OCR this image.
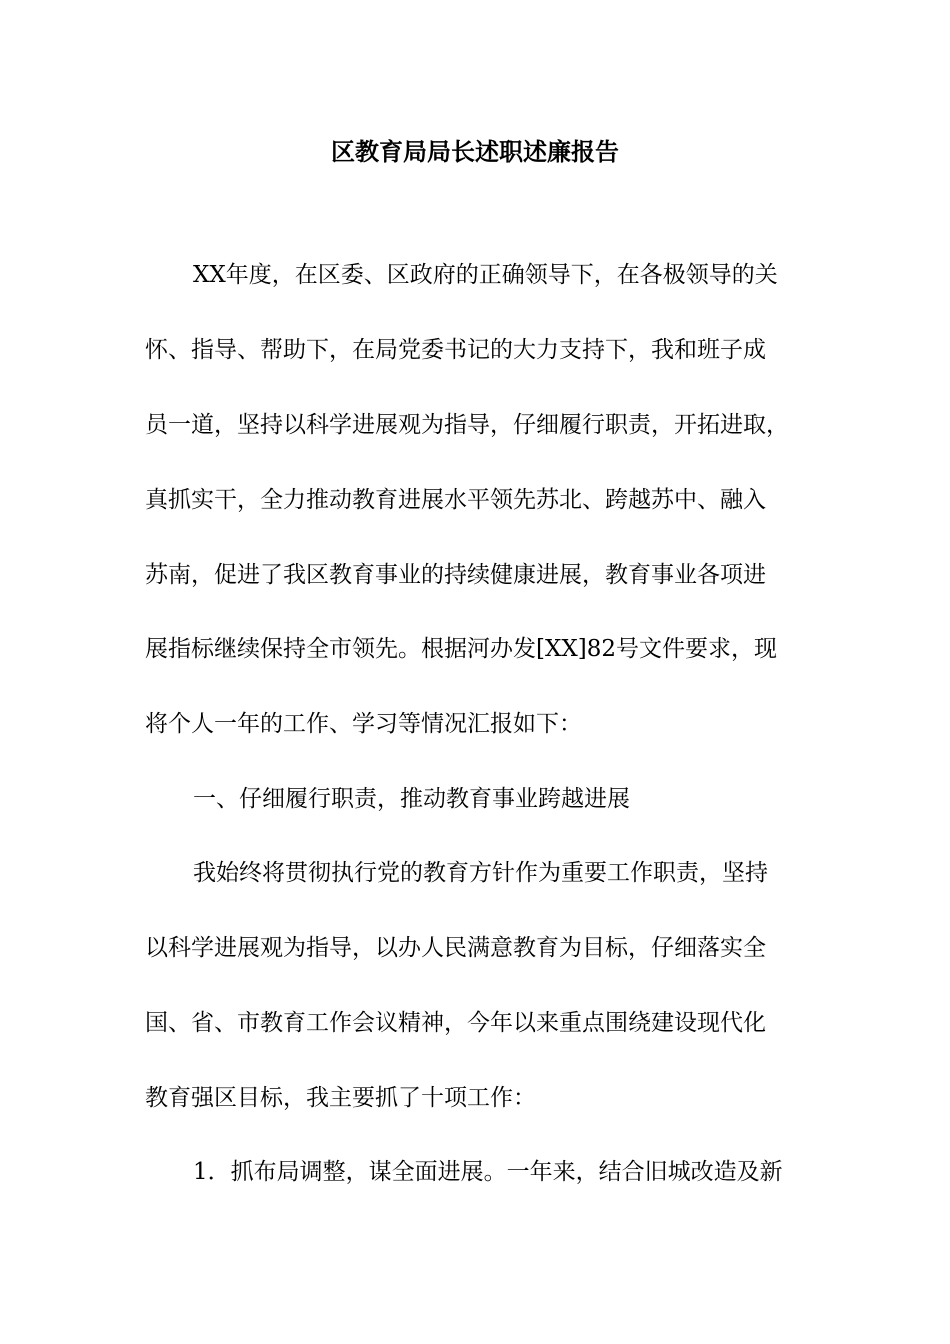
区教育局局长述职述廉报告
XX年度，在区委、区政府的正确领导下，在各极领导的关
怀、指导、帮助下，在局党委书记的大力支持下，我和班子成
员一道，坚持以科学进展观为指导，仔细履行职责，开拓进取，
真抓实干，全力推动教育进展水平领先苏北、跨越苏中、融入
苏南，促进了我区教育事业的持续健康进展，教育事业各项进
展指标继续保持全市领先。根据河办发[XX]82号文件要求，现
将个人一年的工作、学习等情况汇报如下：
一、仔细履行职责，推动教育事业跨越进展
我始终将贯彻执行党的教育方针作为重要工作职责，坚持
以科学进展观为指导，以办人民满意教育为目标，仔细落实全
国、省、市教育工作会议精神，今年以来重点围绕建设现代化
教育强区目标，我主要抓了十项工作：
1．抓布局调整，谋全面进展。一年来，结合旧城改造及新
